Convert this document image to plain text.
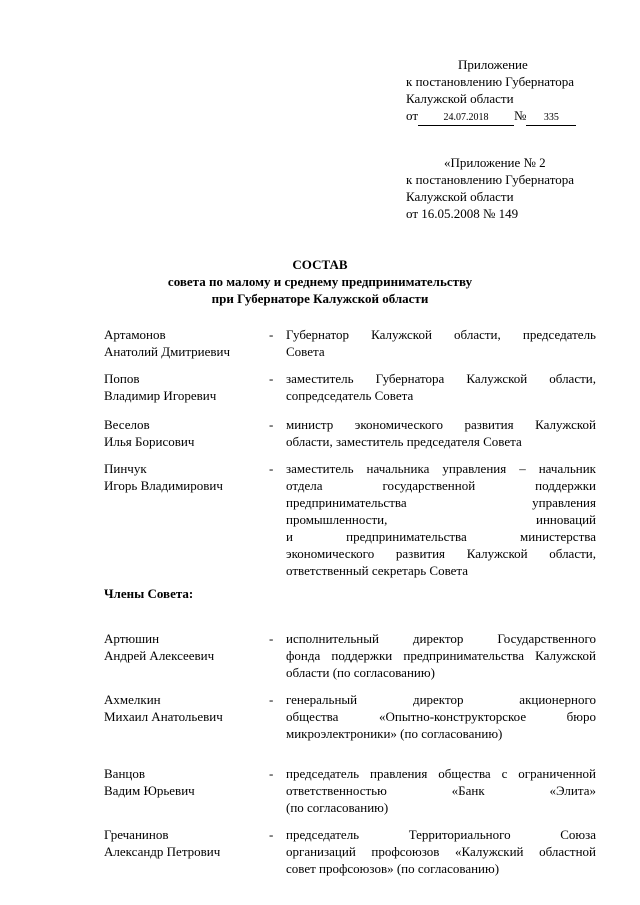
Приложение
к постановлению Губернатора
Калужской области
от	24.07.2018 № 335
«Приложение № 2
к постановлению Губернатора
Калужской области
от 16.05.2008 № 149
СОСТАВ
совета по малому и среднему предпринимательству
при Губернаторе Калужской области
Артамонов
Анатолий Дмитриевич
- Губернатор Калужской области, председатель
Совета
Попов
Владимир Игоревич
- заместитель Губернатора Калужской области,
сопредседатель Совета
Веселов
Илья Борисович
- министр экономического развития Калужской
области, заместитель председателя Совета
Пинчук
Игорь Владимирович
- заместитель начальника управления – начальник
отдела государственной поддержки
предпринимательства управления
промышленности, инноваций
и предпринимательства министерства
экономического развития Калужской области,
ответственный секретарь Совета
Члены Совета:
Артюшин
Андрей Алексеевич
- исполнительный директор Государственного
фонда поддержки предпринимательства Калужской
области (по согласованию)
Ахмелкин
Михаил Анатольевич
- генеральный директор акционерного
общества «Опытно-конструкторское бюро
микроэлектроники» (по согласованию)
Ванцов
Вадим Юрьевич
- председатель правления общества с ограниченной
ответственностью «Банк «Элита»
(по согласованию)
Гречанинов
Александр Петрович
- председатель Территориального Союза
организаций профсоюзов «Калужский областной
совет профсоюзов» (по согласованию)
